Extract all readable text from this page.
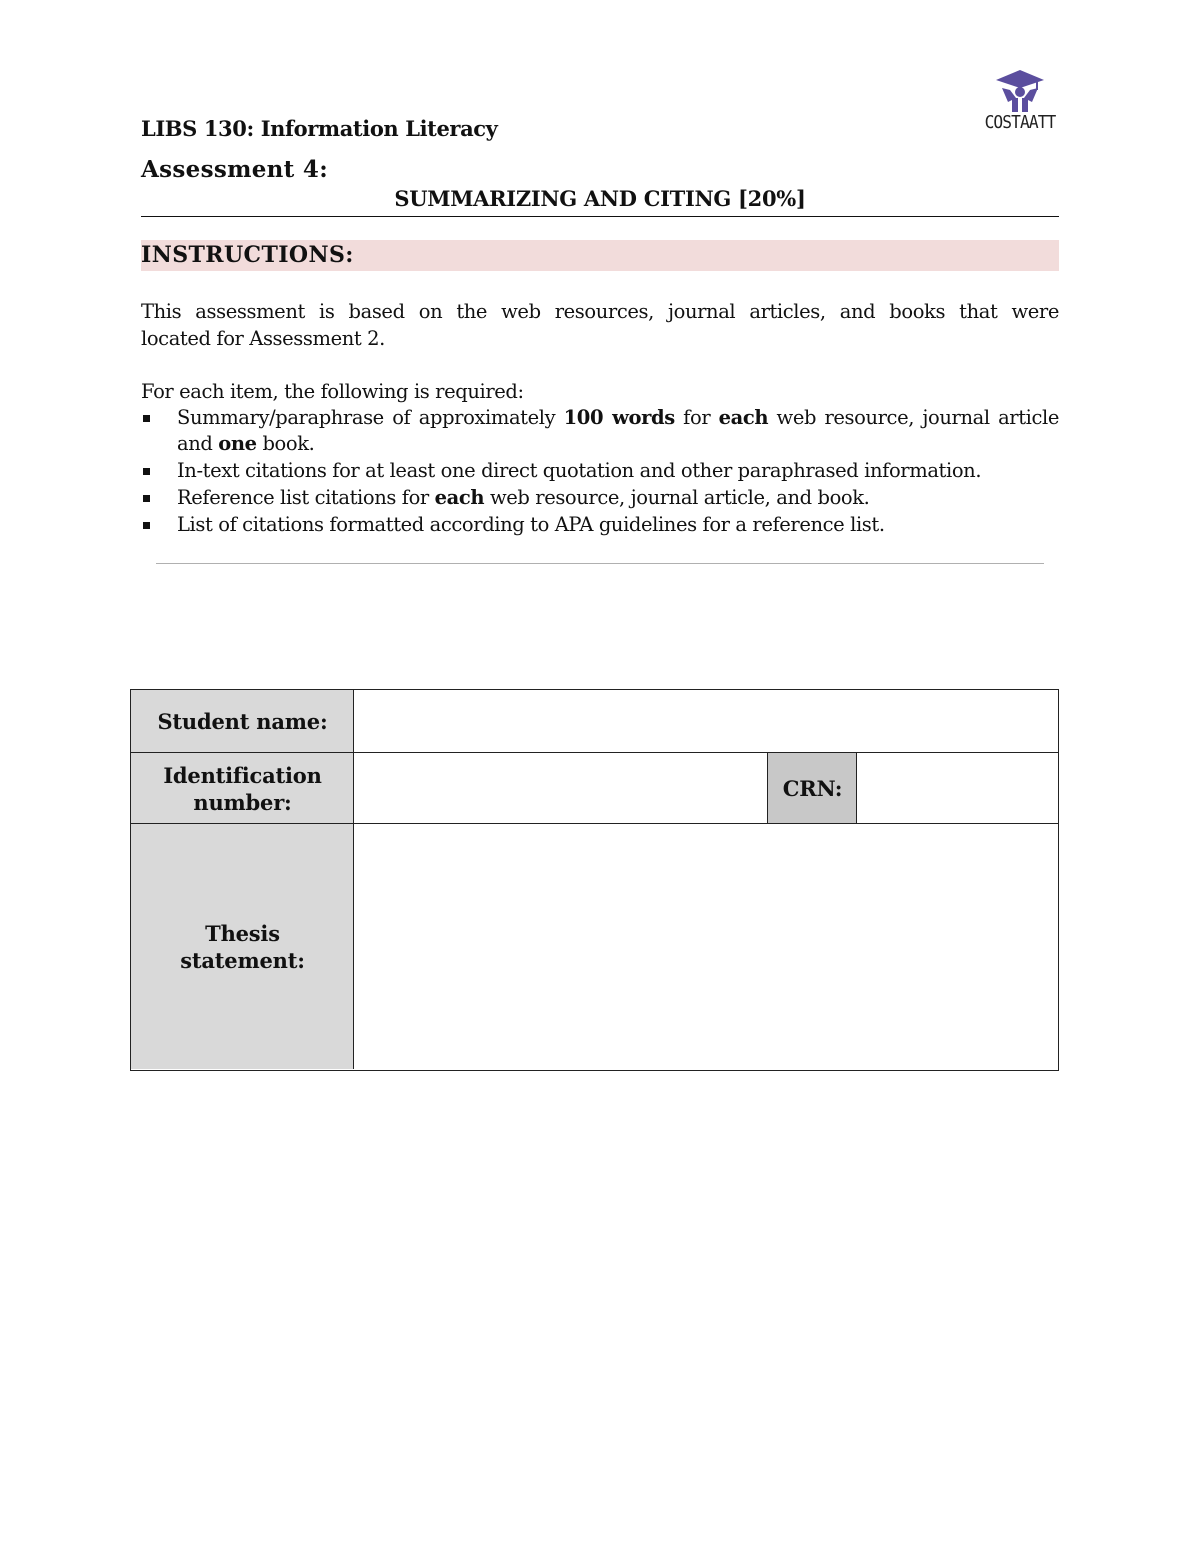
COSTAATT
LIBS 130: Information Literacy
Assessment 4:
SUMMARIZING AND CITING [20%]
INSTRUCTIONS:
This assessment is based on the web resources, journal articles, and books that were
located for Assessment 2.
For each item, the following is required:
Summary/paraphrase of approximately 100 words for each web resource, journal article and one book.
In-text citations for at least one direct quotation and other paraphrased information.
Reference list citations for each web resource, journal article, and book.
List of citations formatted according to APA guidelines for a reference list.
Student name:
Identification
number:
CRN:
Thesis
statement:
